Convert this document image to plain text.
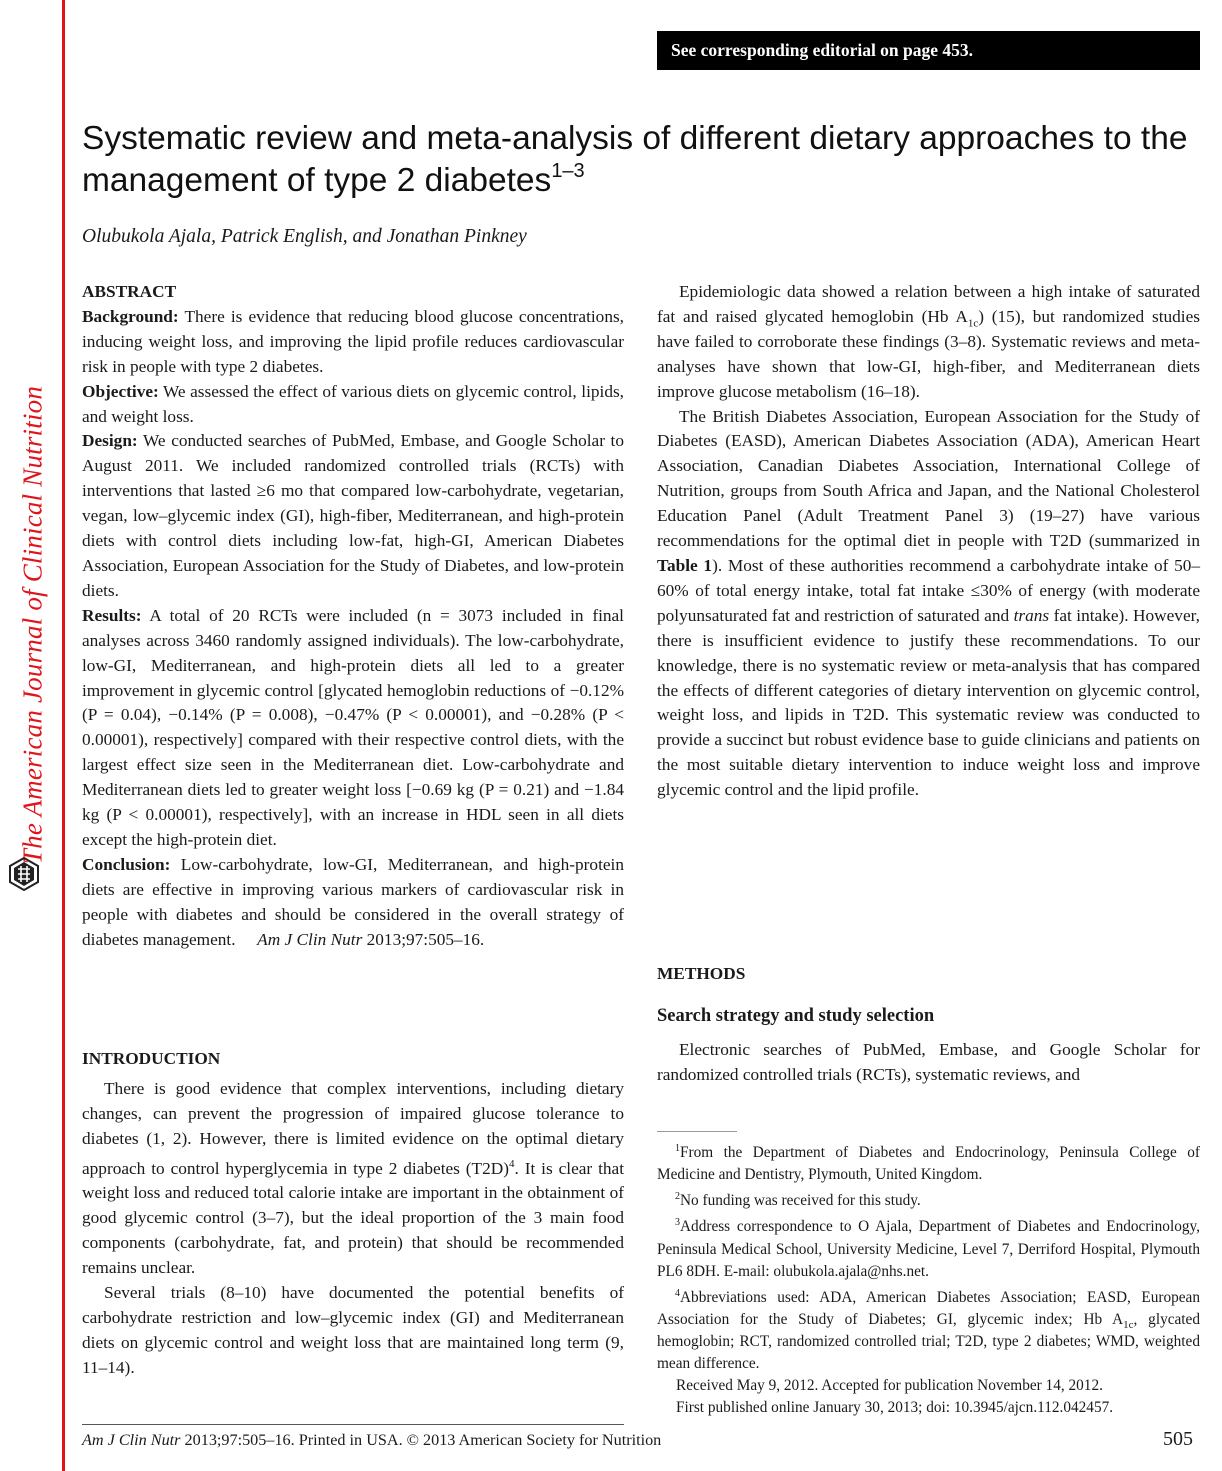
The American Journal of Clinical Nutrition
See corresponding editorial on page 453.
Systematic review and meta-analysis of different dietary approaches to the management of type 2 diabetes$^{1-3}$
Olubukola Ajala, Patrick English, and Jonathan Pinkney

ABSTRACT

Background: There is evidence that reducing blood glucose concentrations, inducing weight loss, and improving the lipid profile reduces cardiovascular risk in people with type 2 diabetes.

Objective: We assessed the effect of various diets on glycemic control, lipids, and weight loss.

Design: We conducted searches of PubMed, Embase, and Google Scholar to August 2011. We included randomized controlled trials (RCTs) with interventions that lasted ≥6 mo that compared low-carbohydrate, vegetarian, vegan, low–glycemic index (GI), high-fiber, Mediterranean, and high-protein diets with control diets including low-fat, high-GI, American Diabetes Association, European Association for the Study of Diabetes, and low-protein diets.

Results: A total of 20 RCTs were included (n = 3073 included in final analyses across 3460 randomly assigned individuals). The low-carbohydrate, low-GI, Mediterranean, and high-protein diets all led to a greater improvement in glycemic control [glycated hemoglobin reductions of −0.12% (P = 0.04), −0.14% (P = 0.008), −0.47% (P < 0.00001), and −0.28% (P < 0.00001), respectively] compared with their respective control diets, with the largest effect size seen in the Mediterranean diet. Low-carbohydrate and Mediterranean diets led to greater weight loss [−0.69 kg (P = 0.21) and −1.84 kg (P < 0.00001), respectively], with an increase in HDL seen in all diets except the high-protein diet.

Conclusion: Low-carbohydrate, low-GI, Mediterranean, and high-protein diets are effective in improving various markers of cardiovascular risk in people with diabetes and should be considered in the overall strategy of diabetes management. Am J Clin Nutr 2013;97:505–16.

INTRODUCTION

There is good evidence that complex interventions, including dietary changes, can prevent the progression of impaired glucose tolerance to diabetes (1, 2). However, there is limited evidence on the optimal dietary approach to control hyperglycemia in type 2 diabetes $(T2D)^4$. It is clear that weight loss and reduced total calorie intake are important in the obtainment of good glycemic control (3–7), but the ideal proportion of the 3 main food components (carbohydrate, fat, and protein) that should be recommended remains unclear.

Several trials (8–10) have documented the potential benefits of carbohydrate restriction and low–glycemic index (GI) and Mediterranean diets on glycemic control and weight loss that are maintained long term (9, 11–14).

Epidemiologic data showed a relation between a high intake of saturated fat and raised glycated hemoglobin (Hb $A_{1c}$) (15), but randomized studies have failed to corroborate these findings (3–8). Systematic reviews and meta-analyses have shown that low-GI, high-fiber, and Mediterranean diets improve glucose metabolism (16–18).

The British Diabetes Association, European Association for the Study of Diabetes (EASD), American Diabetes Association (ADA), American Heart Association, Canadian Diabetes Association, International College of Nutrition, groups from South Africa and Japan, and the National Cholesterol Education Panel (Adult Treatment Panel 3) (19–27) have various recommendations for the optimal diet in people with T2D (summarized in Table 1). Most of these authorities recommend a carbohydrate intake of 50–60% of total energy intake, total fat intake ≤30% of energy (with moderate polyunsaturated fat and restriction of saturated and trans fat intake). However, there is insufficient evidence to justify these recommendations. To our knowledge, there is no systematic review or meta-analysis that has compared the effects of different categories of dietary intervention on glycemic control, weight loss, and lipids in T2D. This systematic review was conducted to provide a succinct but robust evidence base to guide clinicians and patients on the most suitable dietary intervention to induce weight loss and improve glycemic control and the lipid profile.

METHODS

Search strategy and study selection

Electronic searches of PubMed, Embase, and Google Scholar for randomized controlled trials (RCTs), systematic reviews, and

$^1$From the Department of Diabetes and Endocrinology, Peninsula College of Medicine and Dentistry, Plymouth, United Kingdom.

$^2$No funding was received for this study.

$^3$Address correspondence to O Ajala, Department of Diabetes and Endocrinology, Peninsula Medical School, University Medicine, Level 7, Derriford Hospital, Plymouth PL6 8DH. E-mail: olubukola.ajala@nhs.net.

$^4$Abbreviations used: ADA, American Diabetes Association; EASD, European Association for the Study of Diabetes; GI, glycemic index; Hb $A_{1c}$, glycated hemoglobin; RCT, randomized controlled trial; T2D, type 2 diabetes; WMD, weighted mean difference.

Received May 9, 2012. Accepted for publication November 14, 2012.

First published online January 30, 2013; doi: 10.3945/ajcn.112.042457.

Am J Clin Nutr 2013;97:505–16. Printed in USA. © 2013 American Society for Nutrition	505
